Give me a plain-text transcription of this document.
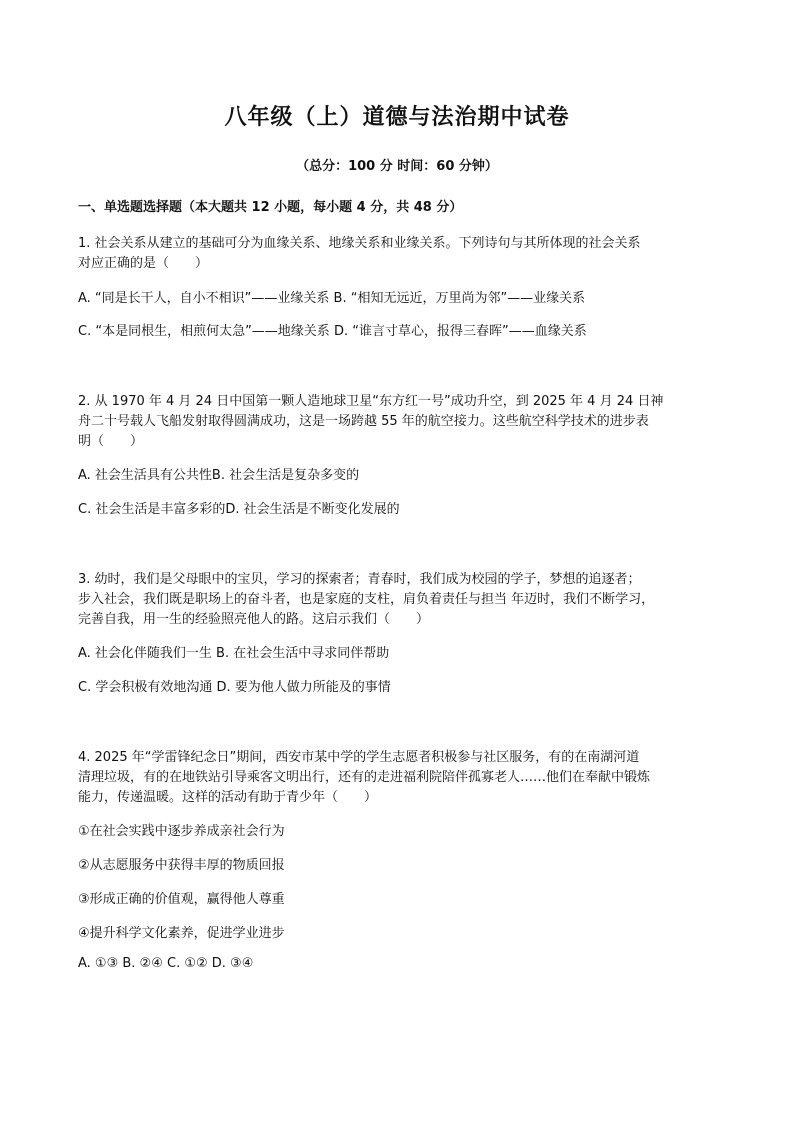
八年级（上）道德与法治期中试卷
（总分：100 分 时间：60 分钟）
一、单选题选择题（本大题共 12 小题，每小题 4 分，共 48 分）
1. 社会关系从建立的基础可分为血缘关系、地缘关系和业缘关系。下列诗句与其所体现的社会关系
对应正确的是（　　）
A. “同是长干人，自小不相识”——业缘关系 B. “相知无远近，万里尚为邻”——业缘关系
C. “本是同根生，相煎何太急”——地缘关系 D. “谁言寸草心，报得三春晖”——血缘关系
2. 从 1970 年 4 月 24 日中国第一颗人造地球卫星“东方红一号”成功升空，到 2025 年 4 月 24 日神
舟二十号载人飞船发射取得圆满成功，这是一场跨越 55 年的航空接力。这些航空科学技术的进步表
明（　　）
A. 社会生活具有公共性B. 社会生活是复杂多变的
C. 社会生活是丰富多彩的D. 社会生活是不断变化发展的
3. 幼时，我们是父母眼中的宝贝，学习的探索者；青春时，我们成为校园的学子，梦想的追逐者；
步入社会，我们既是职场上的奋斗者，也是家庭的支柱，肩负着责任与担当 年迈时，我们不断学习，
完善自我，用一生的经验照亮他人的路。这启示我们（　　）
A. 社会化伴随我们一生 B. 在社会生活中寻求同伴帮助
C. 学会积极有效地沟通 D. 要为他人做力所能及的事情
4. 2025 年“学雷锋纪念日”期间，西安市某中学的学生志愿者积极参与社区服务，有的在南湖河道
清理垃圾，有的在地铁站引导乘客文明出行，还有的走进福利院陪伴孤寡老人……他们在奉献中锻炼
能力，传递温暖。这样的活动有助于青少年（　　）
①在社会实践中逐步养成亲社会行为
②从志愿服务中获得丰厚的物质回报
③形成正确的价值观，赢得他人尊重
④提升科学文化素养，促进学业进步
A. ①③ B. ②④ C. ①② D. ③④
